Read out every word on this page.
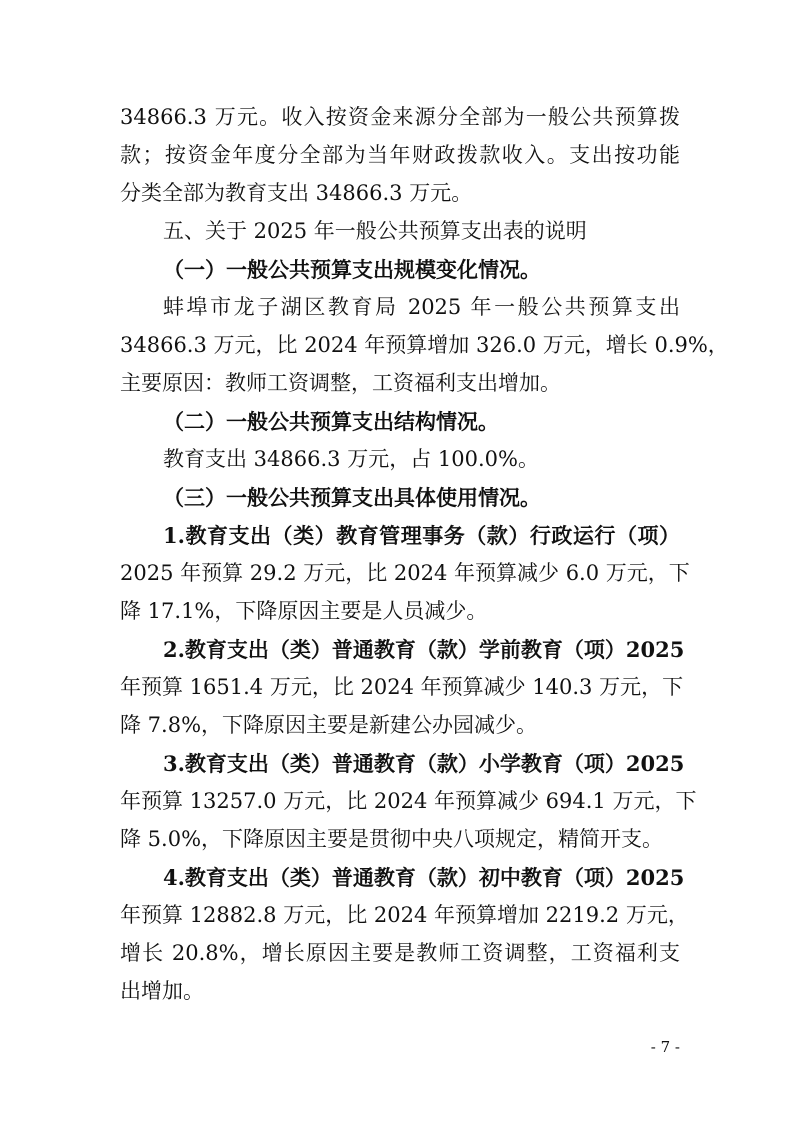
34866.3 万元。收入按资金来源分全部为一般公共预算拨
款；按资金年度分全部为当年财政拨款收入。支出按功能
分类全部为教育支出 34866.3 万元。
五、关于 2025 年一般公共预算支出表的说明
（一）一般公共预算支出规模变化情况。
蚌埠市龙子湖区教育局 2025 年一般公共预算支出
34866.3 万元，比 2024 年预算增加 326.0 万元，增长 0.9%，
主要原因：教师工资调整，工资福利支出增加。
（二）一般公共预算支出结构情况。
教育支出 34866.3 万元，占 100.0%。
（三）一般公共预算支出具体使用情况。
1.教育支出（类）教育管理事务（款）行政运行（项）
2025 年预算 29.2 万元，比 2024 年预算减少 6.0 万元，下
降 17.1%，下降原因主要是人员减少。
2.教育支出（类）普通教育（款）学前教育（项）2025
年预算 1651.4 万元，比 2024 年预算减少 140.3 万元，下
降 7.8%，下降原因主要是新建公办园减少。
3.教育支出（类）普通教育（款）小学教育（项）2025
年预算 13257.0 万元，比 2024 年预算减少 694.1 万元，下
降 5.0%，下降原因主要是贯彻中央八项规定，精简开支。
4.教育支出（类）普通教育（款）初中教育（项）2025
年预算 12882.8 万元，比 2024 年预算增加 2219.2 万元，
增长 20.8%，增长原因主要是教师工资调整，工资福利支
出增加。
- 7 -
